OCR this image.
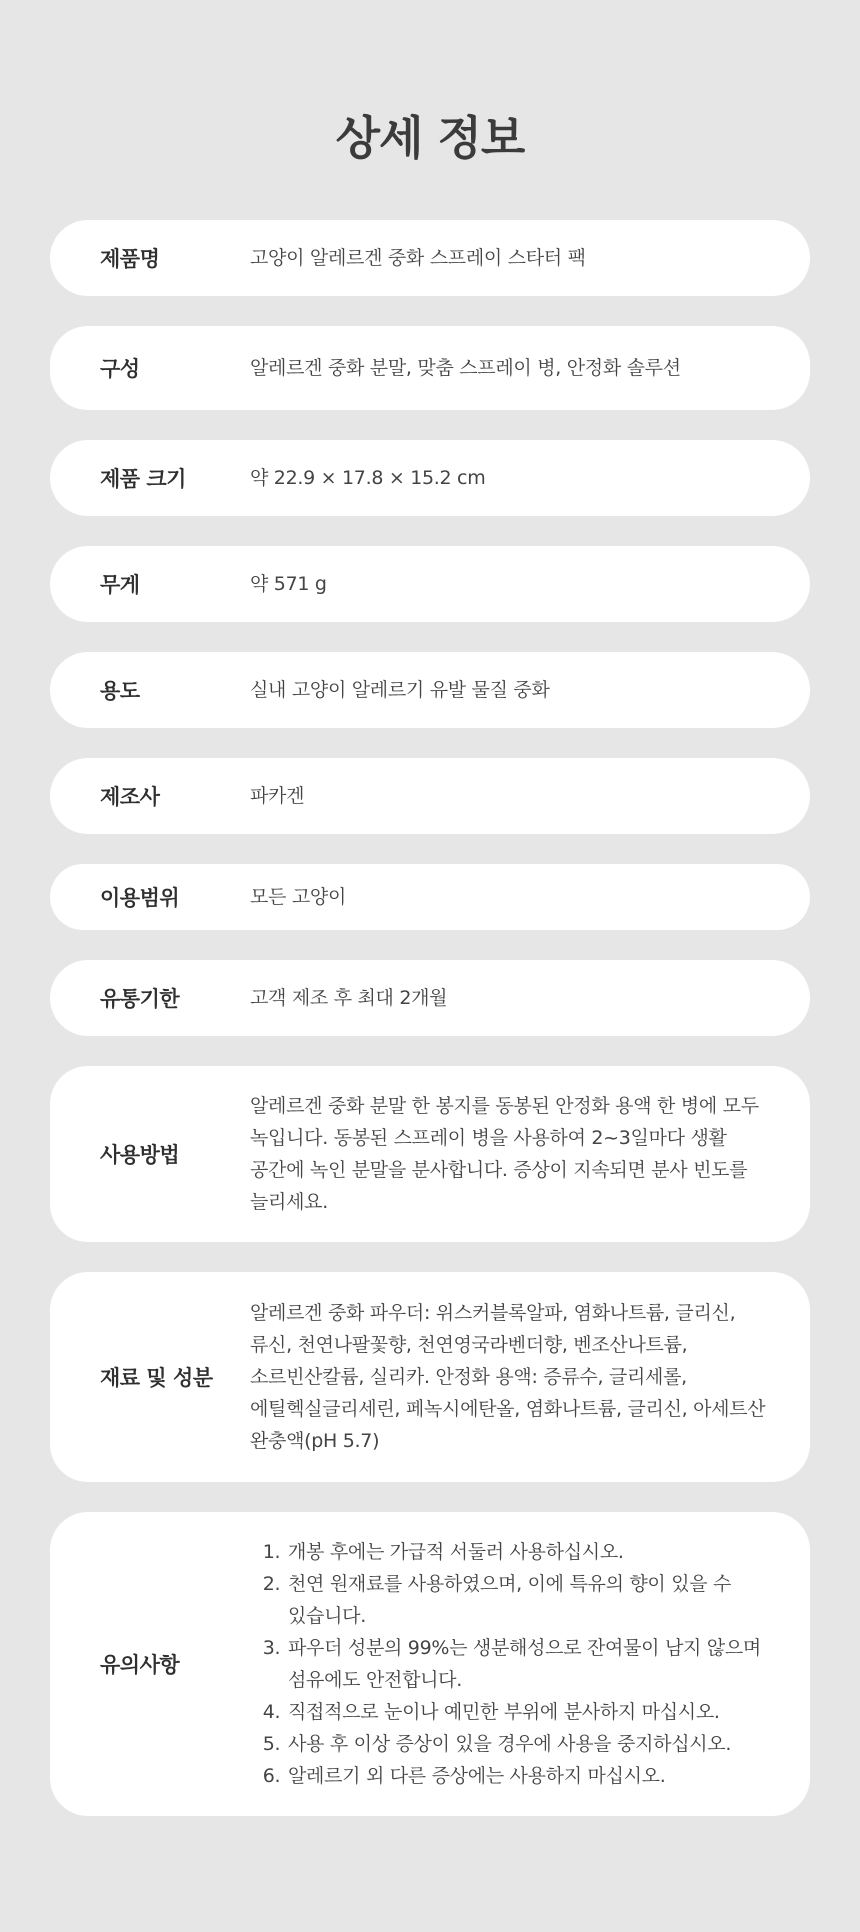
상세 정보
제품명	고양이 알레르겐 중화 스프레이 스타터 팩
구성	알레르겐 중화 분말, 맞춤 스프레이 병, 안정화 솔루션
제품 크기	약 22.9 × 17.8 × 15.2 cm
무게	약 571 g
용도	실내 고양이 알레르기 유발 물질 중화
제조사	파카겐
이용범위	모든 고양이
유통기한	고객 제조 후 최대 2개월
사용방법
알레르겐 중화 분말 한 봉지를 동봉된 안정화 용액 한 병에 모두 녹입니다. 동봉된 스프레이 병을 사용하여 2~3일마다 생활 공간에 녹인 분말을 분사합니다. 증상이 지속되면 분사 빈도를 늘리세요.
재료 및 성분
알레르겐 중화 파우더: 위스커블록알파, 염화나트륨, 글리신, 류신, 천연나팔꽃향, 천연영국라벤더향, 벤조산나트륨, 소르빈산칼륨, 실리카. 안정화 용액: 증류수, 글리세롤, 에틸헥실글리세린, 페녹시에탄올, 염화나트륨, 글리신, 아세트산 완충액(pH 5.7)
유의사항
1. 개봉 후에는 가급적 서둘러 사용하십시오.
2. 천연 원재료를 사용하였으며, 이에 특유의 향이 있을 수 있습니다.
3. 파우더 성분의 99%는 생분해성으로 잔여물이 남지 않으며 섬유에도 안전합니다.
4. 직접적으로 눈이나 예민한 부위에 분사하지 마십시오.
5. 사용 후 이상 증상이 있을 경우에 사용을 중지하십시오.
6. 알레르기 외 다른 증상에는 사용하지 마십시오.
